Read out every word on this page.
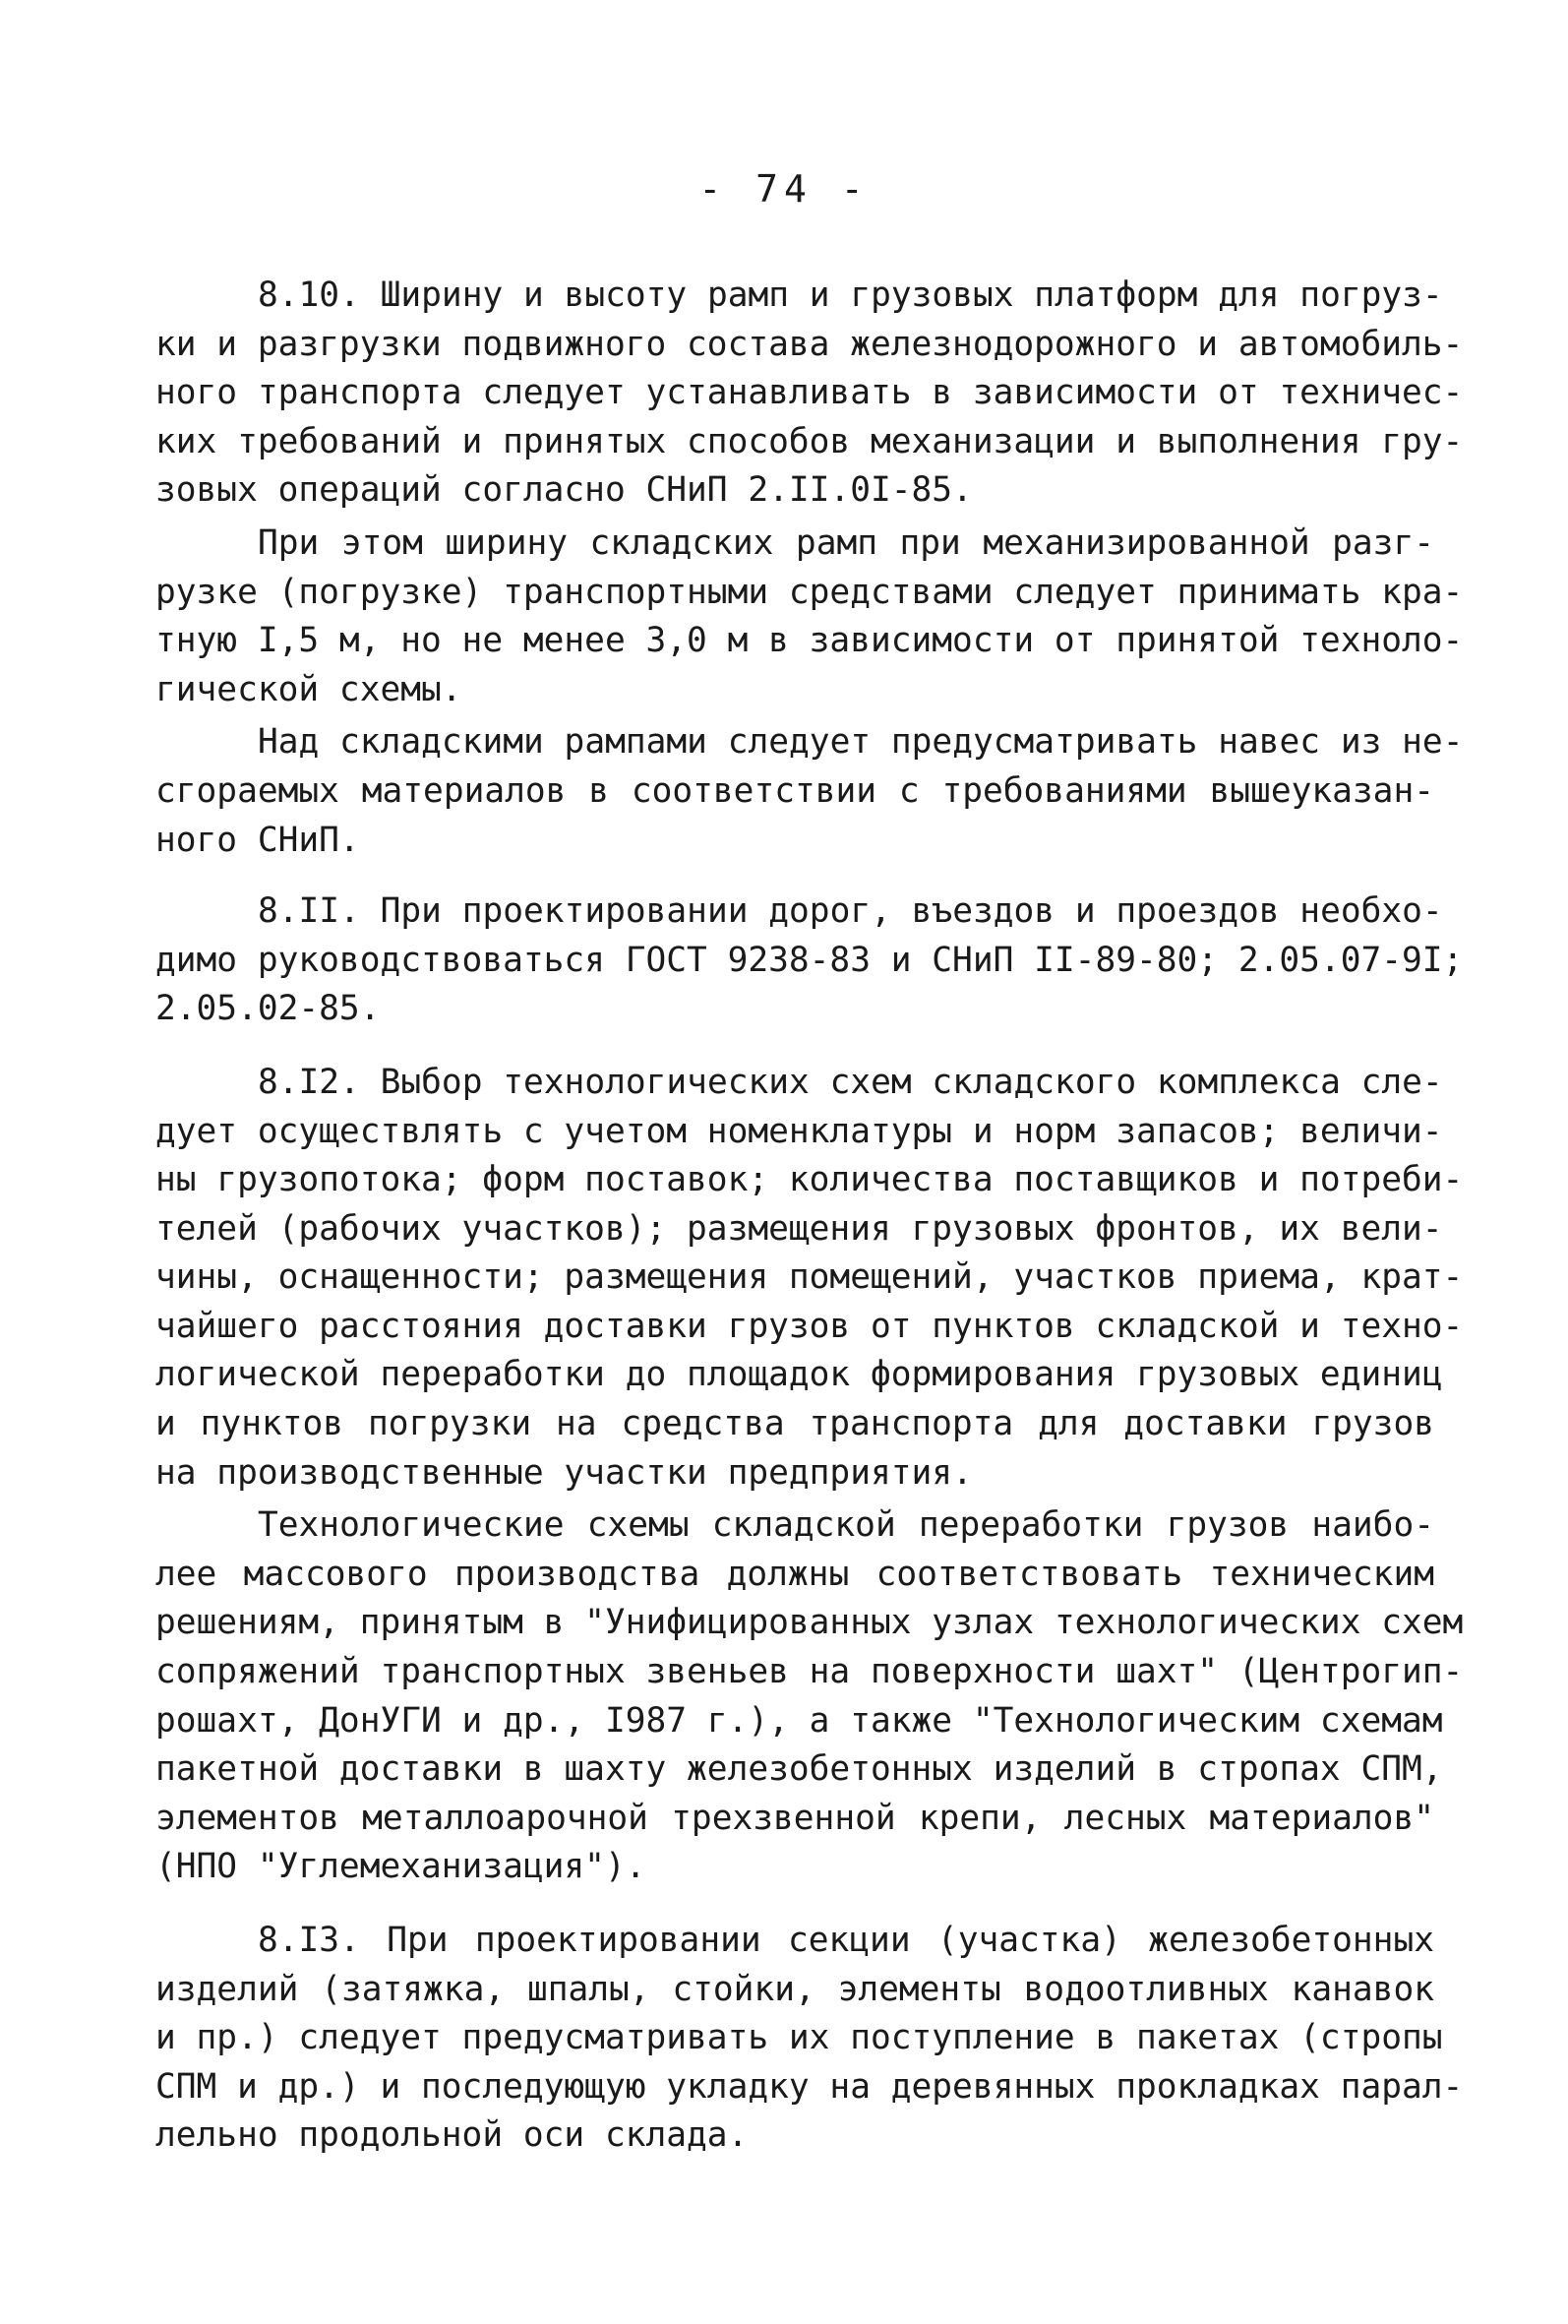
- 74 -
8.10. Ширину и высоту рамп и грузовых платформ для погруз-
ки и разгрузки подвижного состава железнодорожного и автомобиль-
ного транспорта следует устанавливать в зависимости от техничес-
ких требований и принятых способов механизации и выполнения гру-
зовых операций согласно СНиП 2.II.0I-85.
При этом ширину складских рамп при механизированной разг-
рузке (погрузке) транспортными средствами следует принимать кра-
тную I,5 м, но не менее 3,0 м в зависимости от принятой техноло-
гической схемы.
Над складскими рампами следует предусматривать навес из не-
сгораемых материалов в соответствии с требованиями вышеуказан-
ного СНиП.
8.II. При проектировании дорог, въездов и проездов необхо-
димо руководствоваться ГОСТ 9238-83 и СНиП II-89-80; 2.05.07-9I;
2.05.02-85.
8.I2. Выбор технологических схем складского комплекса сле-
дует осуществлять с учетом номенклатуры и норм запасов; величи-
ны грузопотока; форм поставок; количества поставщиков и потреби-
телей (рабочих участков); размещения грузовых фронтов, их вели-
чины, оснащенности; размещения помещений, участков приема, крат-
чайшего расстояния доставки грузов от пунктов складской и техно-
логической переработки до площадок формирования грузовых единиц
и пунктов погрузки на средства транспорта для доставки грузов
на производственные участки предприятия.
Технологические схемы складской переработки грузов наибо-
лее массового производства должны соответствовать техническим
решениям, принятым в "Унифицированных узлах технологических схем
сопряжений транспортных звеньев на поверхности шахт" (Центрогип-
рошахт, ДонУГИ и др., I987 г.), а также "Технологическим схемам
пакетной доставки в шахту железобетонных изделий в стропах СПМ,
элементов металлоарочной трехзвенной крепи, лесных материалов"
(НПО "Углемеханизация").
8.I3. При проектировании секции (участка) железобетонных
изделий (затяжка, шпалы, стойки, элементы водоотливных канавок
и пр.) следует предусматривать их поступление в пакетах (стропы
СПМ и др.) и последующую укладку на деревянных прокладках парал-
лельно продольной оси склада.
